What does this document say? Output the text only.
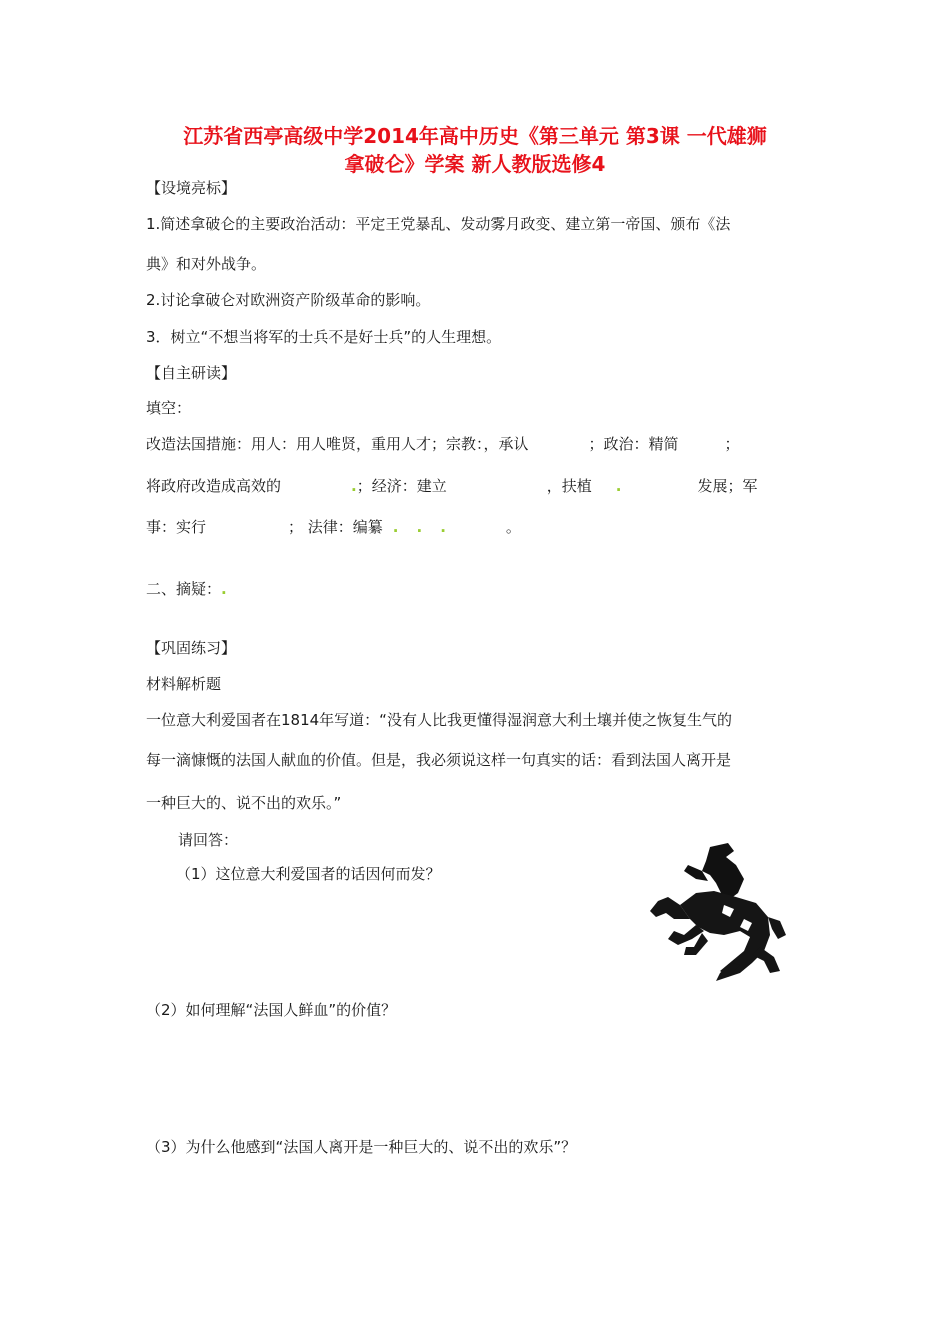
江苏省西亭高级中学2014年高中历史《第三单元 第3课 一代雄狮
拿破仑》学案 新人教版选修4

【设境亮标】

1.简述拿破仑的主要政治活动：平定王党暴乱、发动雾月政变、建立第一帝国、颁布《法

典》和对外战争。

2.讨论拿破仑对欧洲资产阶级革命的影响。

3．树立“不想当将军的士兵不是好士兵”的人生理想。

【自主研读】

填空：

改造法国措施：用人：用人唯贤，重用人才；宗教：，承认	；政治：精简	；

将政府改造成高效的	.；经济：建立	，扶植 .	发展；军

事：实行	； 法律：编纂 . . .	。

二、摘疑：.

【巩固练习】

材料解析题

一位意大利爱国者在1814年写道：“没有人比我更懂得湿润意大利土壤并使之恢复生气的

每一滴慷慨的法国人献血的价值。但是，我必须说这样一句真实的话：看到法国人离开是

一种巨大的、说不出的欢乐。”

请回答：

（1）这位意大利爱国者的话因何而发？

（2）如何理解“法国人鲜血”的价值？

（3）为什么他感到“法国人离开是一种巨大的、说不出的欢乐”？
